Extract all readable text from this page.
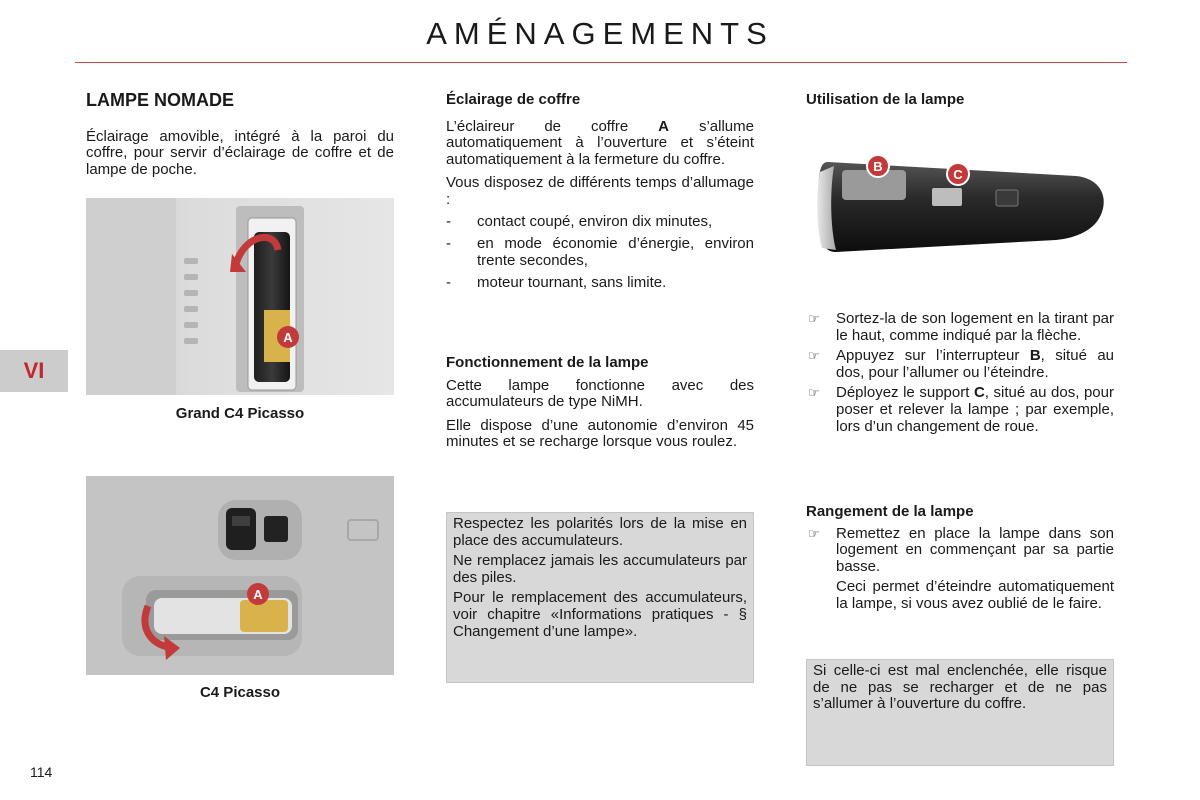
AMÉNAGEMENTS
VI
114
LAMPE NOMADE

Éclairage amovible, intégré à la paroi du coffre, pour servir d’éclairage de coffre et de lampe de poche.

A
Grand C4 Picasso
A
C4 Picasso
Éclairage de coffre

L’éclaireur de coffre A s’allume automatiquement à l’ouverture et s’éteint automatiquement à la fermeture du coffre.

Vous disposez de différents temps d’allumage :

- contact coupé, environ dix minutes,
- en mode économie d’énergie, environ trente secondes,
- moteur tournant, sans limite.
Fonctionnement de la lampe

Cette lampe fonctionne avec des accumulateurs de type NiMH.

Elle dispose d’une autonomie d’environ 45 minutes et se recharge lorsque vous roulez.

Respectez les polarités lors de la mise en place des accumulateurs.

Ne remplacez jamais les accumulateurs par des piles.

Pour le remplacement des accumulateurs, voir chapitre «Informations pratiques - § Changement d’une lampe».

Utilisation de la lampe
B
C
☞ Sortez-la de son logement en la tirant par le haut, comme indiqué par la flèche.
☞ Appuyez sur l’interrupteur B, situé au dos, pour l’allumer ou l’éteindre.
☞ Déployez le support C, situé au dos, pour poser et relever la lampe ; par exemple, lors d’un changement de roue.
Rangement de la lampe
☞ Remettez en place la lampe dans son logement en commençant par sa partie basse.

Ceci permet d’éteindre automatiquement la lampe, si vous avez oublié de le faire.

Si celle-ci est mal enclenchée, elle risque de ne pas se recharger et de ne pas s’allumer à l’ouverture du coffre.
